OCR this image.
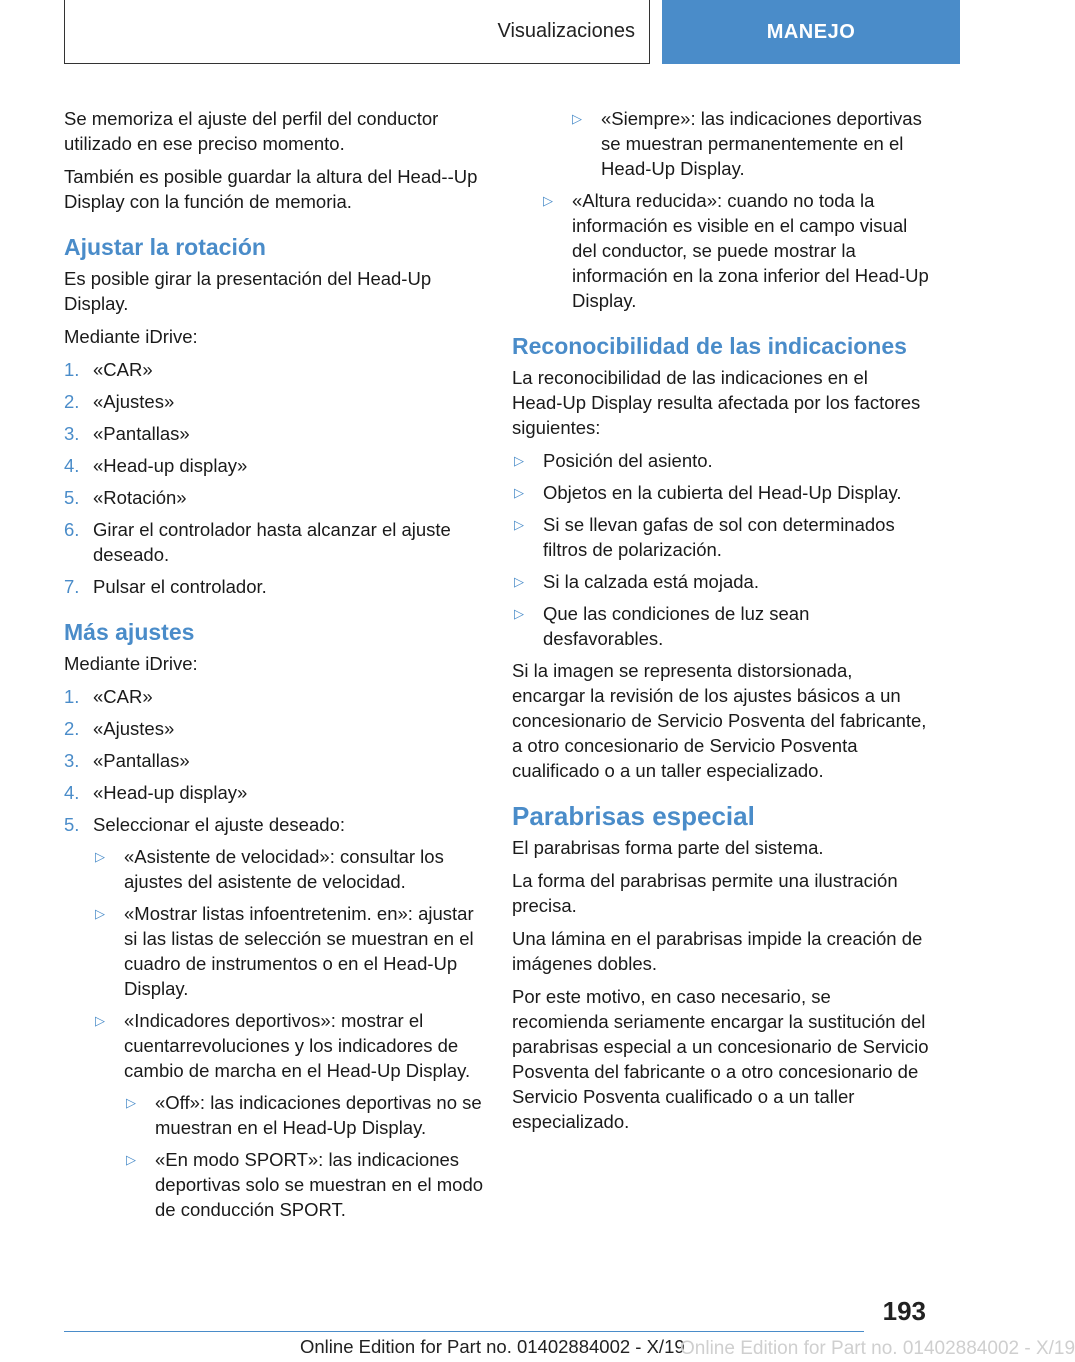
Visualizaciones	MANEJO

Se memoriza el ajuste del perfil del conductor utilizado en ese preciso momento.

También es posible guardar la altura del Head-‑Up Display con la función de memoria.

Ajustar la rotación

Es posible girar la presentación del Head‑Up Display.

Mediante iDrive:

1. «CAR»
2. «Ajustes»
3. «Pantallas»
4. «Head‑up display»
5. «Rotación»
6. Girar el controlador hasta alcanzar el ajuste deseado.
7. Pulsar el controlador.
Más ajustes

Mediante iDrive:

1. «CAR»
2. «Ajustes»
3. «Pantallas»
4. «Head‑up display»
5. Seleccionar el ajuste deseado:
▷	«Asistente de velocidad»: consultar los ajustes del asistente de velocidad.
▷	«Mostrar listas infoentretenim. en»: ajustar si las listas de selección se muestran en el cuadro de instrumentos o en el Head‑Up Display.
▷	«Indicadores deportivos»: mostrar el cuentarrevoluciones y los indicadores de cambio de marcha en el Head‑Up Display.
▷	«Off»: las indicaciones deportivas no se muestran en el Head‑Up Display.
▷	«En modo SPORT»: las indicaciones deportivas solo se muestran en el modo de conducción SPORT.
▷	«Siempre»: las indicaciones deportivas se muestran permanentemente en el Head‑Up Display.
▷	«Altura reducida»: cuando no toda la información es visible en el campo visual del conductor, se puede mostrar la información en la zona inferior del Head‑Up Display.
Reconocibilidad de las indicaciones

La reconocibilidad de las indicaciones en el Head‑Up Display resulta afectada por los factores siguientes:

▷	Posición del asiento.
▷	Objetos en la cubierta del Head‑Up Display.
▷	Si se llevan gafas de sol con determinados filtros de polarización.
▷	Si la calzada está mojada.
▷	Que las condiciones de luz sean desfavorables.

Si la imagen se representa distorsionada, encargar la revisión de los ajustes básicos a un concesionario de Servicio Posventa del fabricante, a otro concesionario de Servicio Posventa cualificado o a un taller especializado.

Parabrisas especial

El parabrisas forma parte del sistema.

La forma del parabrisas permite una ilustración precisa.

Una lámina en el parabrisas impide la creación de imágenes dobles.

Por este motivo, en caso necesario, se recomienda seriamente encargar la sustitución del parabrisas especial a un concesionario de Servicio Posventa del fabricante o a otro concesionario de Servicio Posventa cualificado o a un taller especializado.

193
Online Edition for Part no. 01402884002 - X/19
Online Edition for Part no. 01402884002 - X/19
